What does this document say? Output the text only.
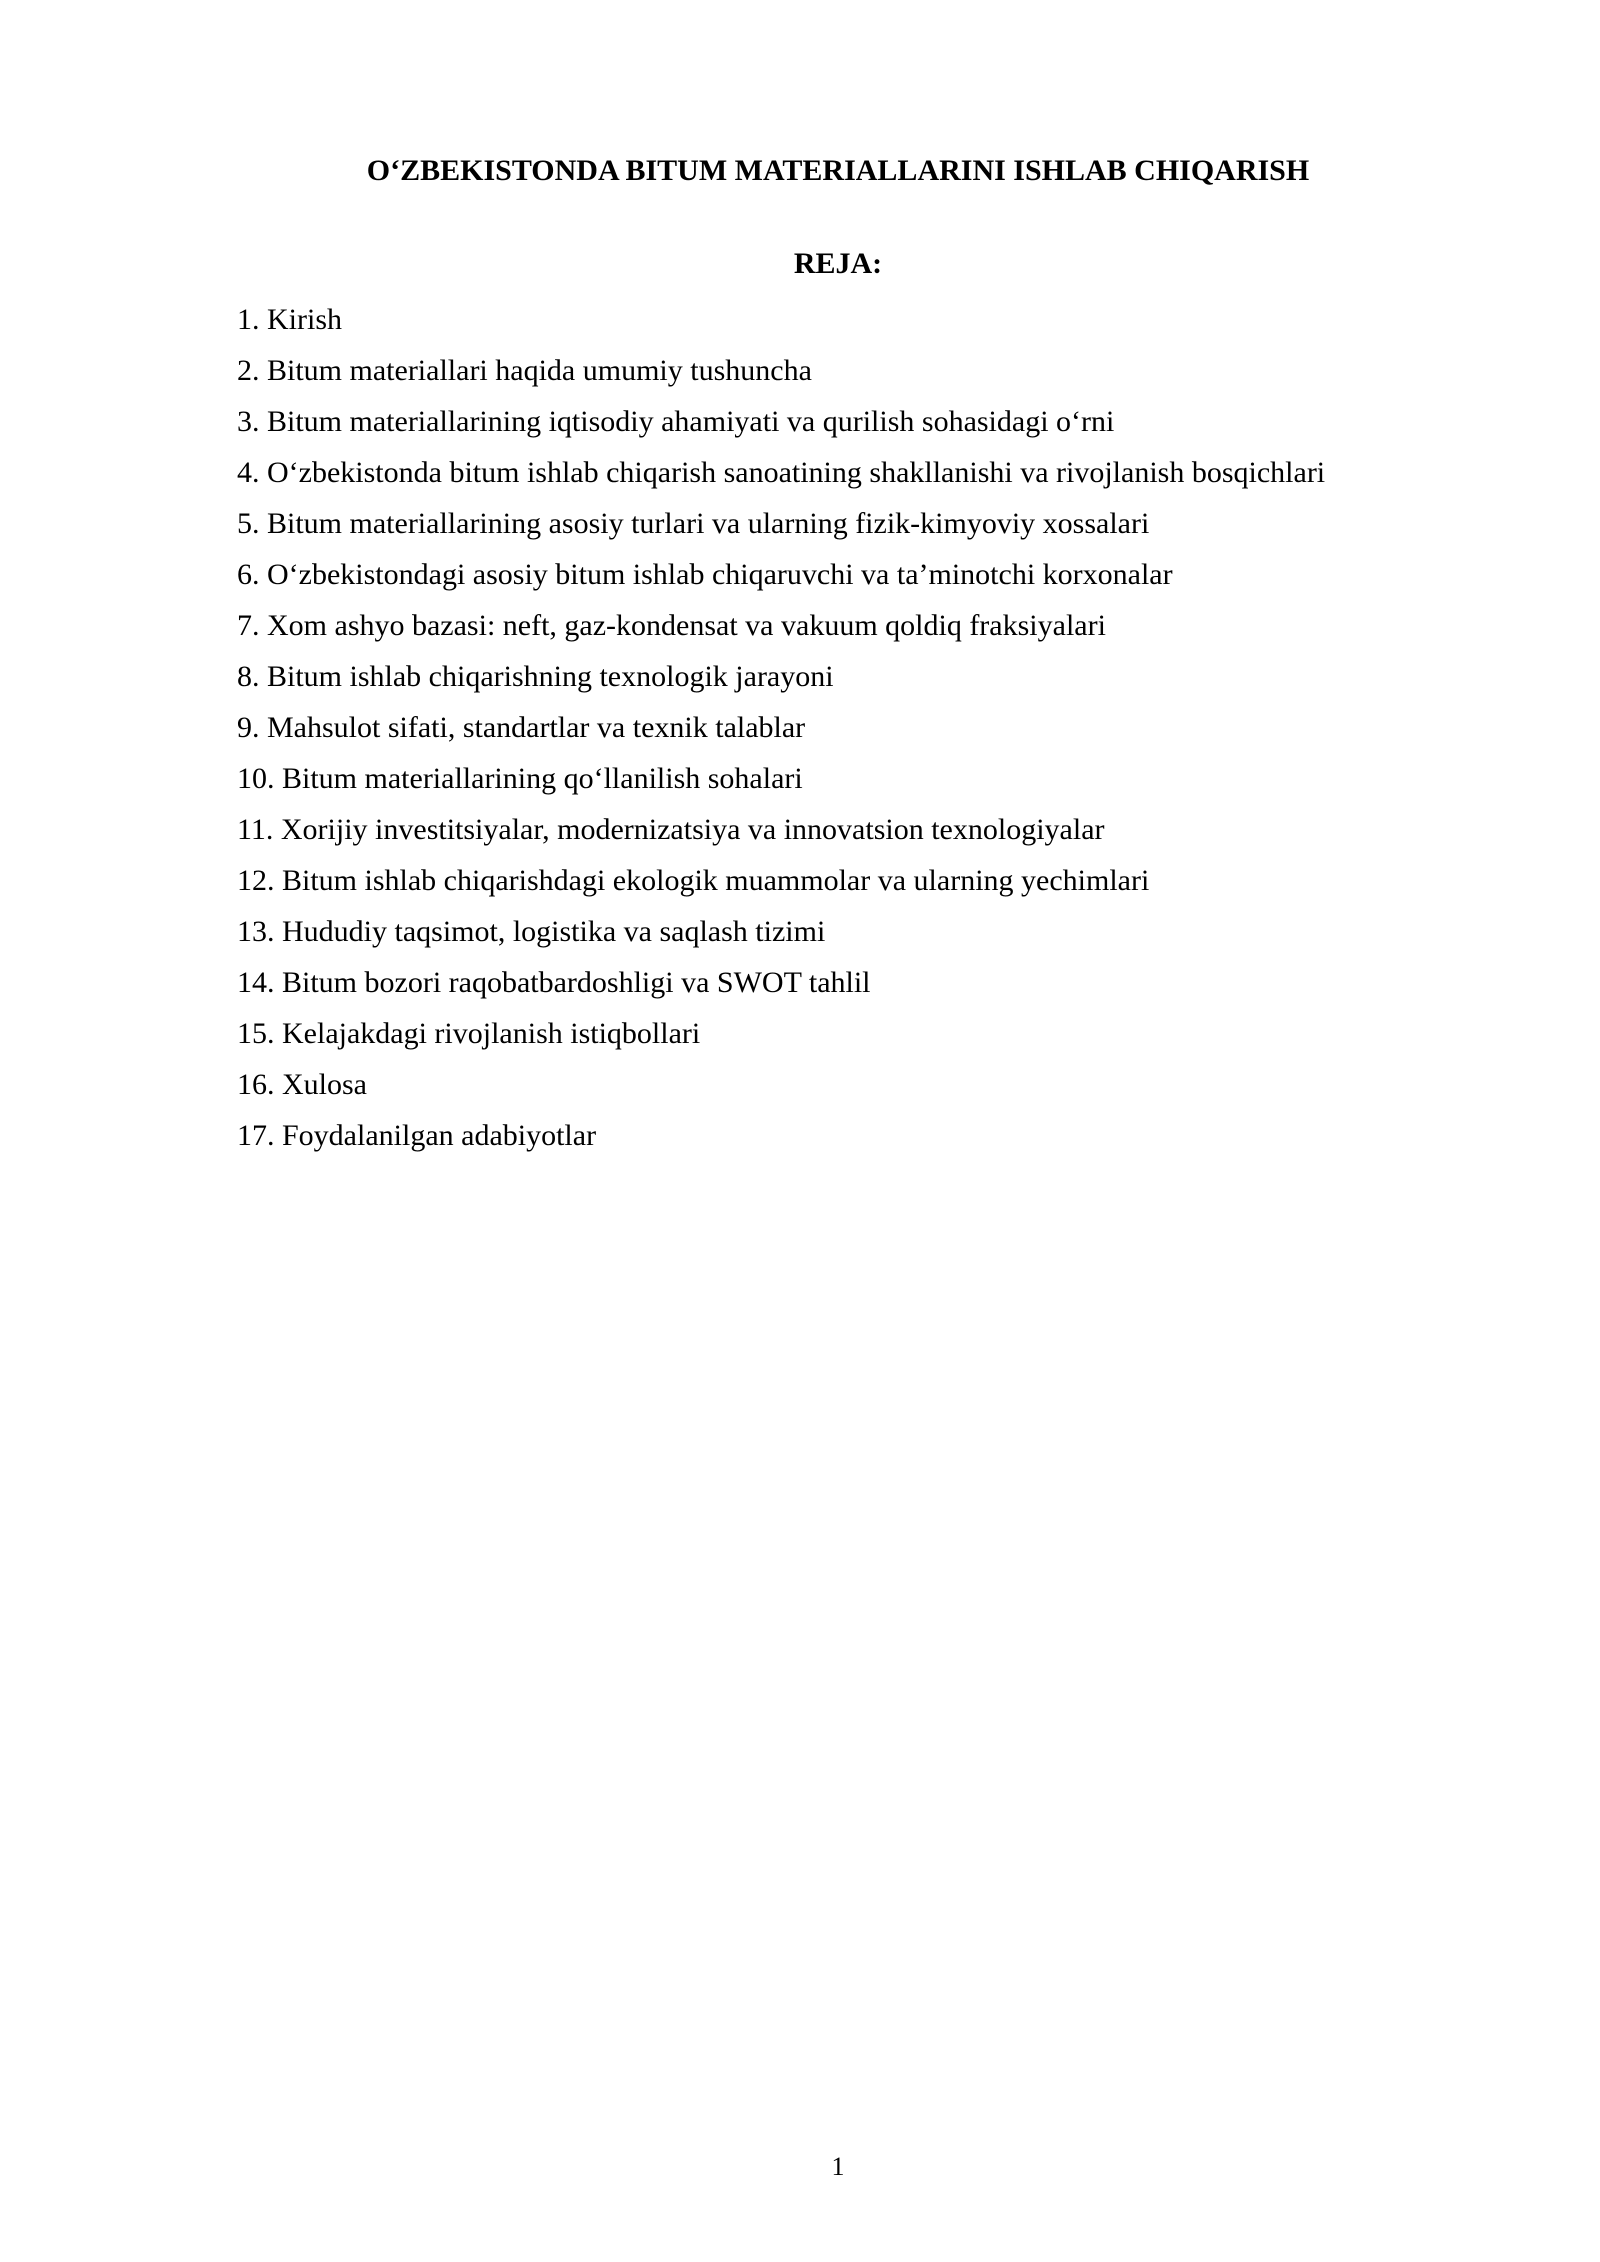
O‘ZBEKISTONDA BITUM MATERIALLARINI ISHLAB CHIQARISH
REJA:
1. Kirish
2. Bitum materiallari haqida umumiy tushuncha
3. Bitum materiallarining iqtisodiy ahamiyati va qurilish sohasidagi o‘rni
4. O‘zbekistonda bitum ishlab chiqarish sanoatining shakllanishi va rivojlanish bosqichlari
5. Bitum materiallarining asosiy turlari va ularning fizik-kimyoviy xossalari
6. O‘zbekistondagi asosiy bitum ishlab chiqaruvchi va ta’minotchi korxonalar
7. Xom ashyo bazasi: neft, gaz-kondensat va vakuum qoldiq fraksiyalari
8. Bitum ishlab chiqarishning texnologik jarayoni
9. Mahsulot sifati, standartlar va texnik talablar
10. Bitum materiallarining qo‘llanilish sohalari
11. Xorijiy investitsiyalar, modernizatsiya va innovatsion texnologiyalar
12. Bitum ishlab chiqarishdagi ekologik muammolar va ularning yechimlari
13. Hududiy taqsimot, logistika va saqlash tizimi
14. Bitum bozori raqobatbardoshligi va SWOT tahlil
15. Kelajakdagi rivojlanish istiqbollari
16. Xulosa
17. Foydalanilgan adabiyotlar
1
